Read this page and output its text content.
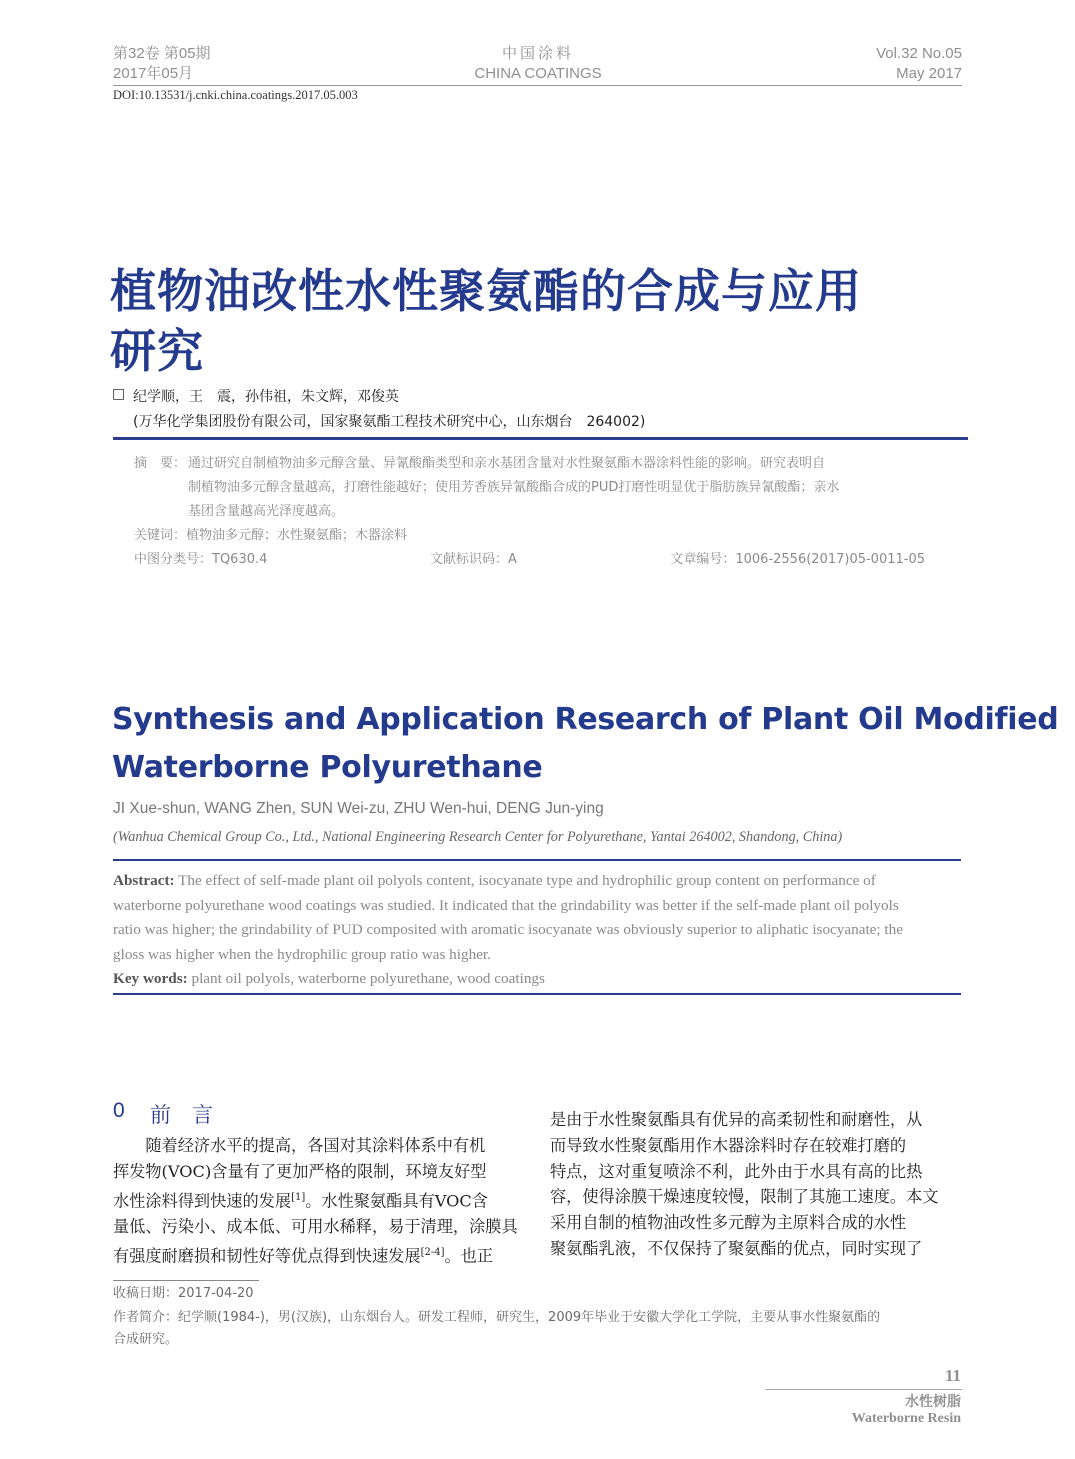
第32卷 第05期
2017年05月
中国涂料
CHINA COATINGS
Vol.32 No.05
May 2017
DOI:10.13531/j.cnki.china.coatings.2017.05.003
植物油改性水性聚氨酯的合成与应用
研究
□ 纪学顺，王　震，孙伟祖，朱文辉，邓俊英
(万华化学集团股份有限公司，国家聚氨酯工程技术研究中心，山东烟台　264002)
摘　要： 通过研究自制植物油多元醇含量、异氰酸酯类型和亲水基团含量对水性聚氨酯木器涂料性能的影响。研究表明自
制植物油多元醇含量越高，打磨性能越好；使用芳香族异氰酸酯合成的PUD打磨性明显优于脂肪族异氰酸酯；亲水
基团含量越高光泽度越高。
关键词：植物油多元醇；水性聚氨酯；木器涂料
中图分类号：TQ630.4	文献标识码：A	文章编号：1006-2556(2017)05-0011-05
Synthesis and Application Research of Plant Oil Modified
Waterborne Polyurethane
JI Xue-shun, WANG Zhen, SUN Wei-zu, ZHU Wen-hui, DENG Jun-ying
(Wanhua Chemical Group Co., Ltd., National Engineering Research Center for Polyurethane, Yantai 264002, Shandong, China)
Abstract: The effect of self-made plant oil polyols content, isocyanate type and hydrophilic group content on performance of
waterborne polyurethane wood coatings was studied. It indicated that the grindability was better if the self-made plant oil polyols
ratio was higher; the grindability of PUD composited with aromatic isocyanate was obviously superior to aliphatic isocyanate; the
gloss was higher when the hydrophilic group ratio was higher.
Key words: plant oil polyols, waterborne polyurethane, wood coatings
0 前　言
　　随着经济水平的提高，各国对其涂料体系中有机
挥发物(VOC)含量有了更加严格的限制，环境友好型
水性涂料得到快速的发展[1]。水性聚氨酯具有VOC含
量低、污染小、成本低、可用水稀释，易于清理，涂膜具
有强度耐磨损和韧性好等优点得到快速发展[2-4]。也正
是由于水性聚氨酯具有优异的高柔韧性和耐磨性，从
而导致水性聚氨酯用作木器涂料时存在较难打磨的
特点，这对重复喷涂不利，此外由于水具有高的比热
容，使得涂膜干燥速度较慢，限制了其施工速度。本文
采用自制的植物油改性多元醇为主原料合成的水性
聚氨酯乳液，不仅保持了聚氨酯的优点，同时实现了
收稿日期：2017-04-20
作者简介：纪学顺(1984-)，男(汉族)，山东烟台人。研发工程师，研究生，2009年毕业于安徽大学化工学院，主要从事水性聚氨酯的
合成研究。
11
水性树脂
Waterborne Resin
